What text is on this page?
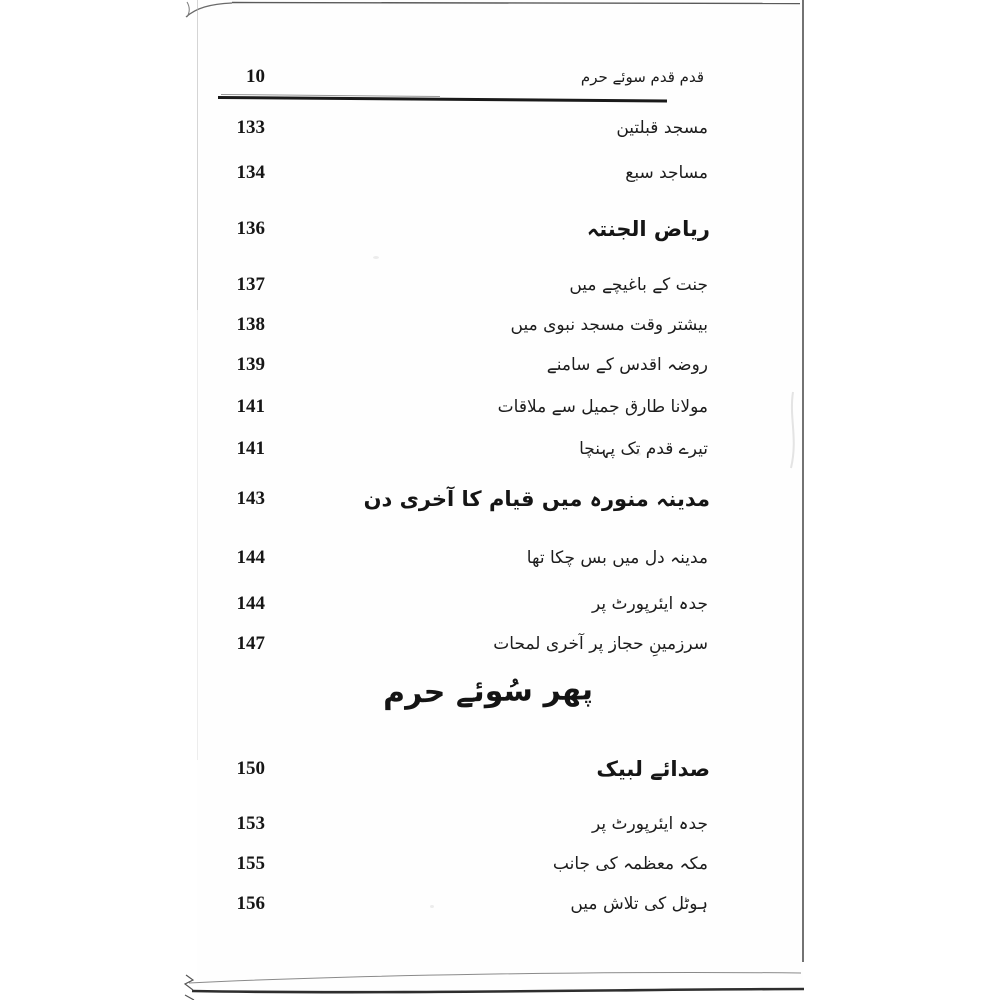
10	قدم قدم سوئے حرم
133	مسجد قبلتین
134	مساجد سبع
136	ریاض الجنتہ
137	جنت کے باغیچے میں
138	بیشتر وقت مسجد نبوی میں
139	روضہ اقدس کے سامنے
141	مولانا طارق جمیل سے ملاقات
141	تیرے قدم تک پہنچا
143	مدینہ منورہ میں قیام کا آخری دن
144	مدینہ دل میں بس چکا تھا
144	جدہ ایئرپورٹ پر
147	سرزمینِ حجاز پر آخری لمحات
پھر سُوئے حرم
150	صدائے لبیک
153	جدہ ایئرپورٹ پر
155	مکہ معظمہ کی جانب
156	ہوٹل کی تلاش میں
